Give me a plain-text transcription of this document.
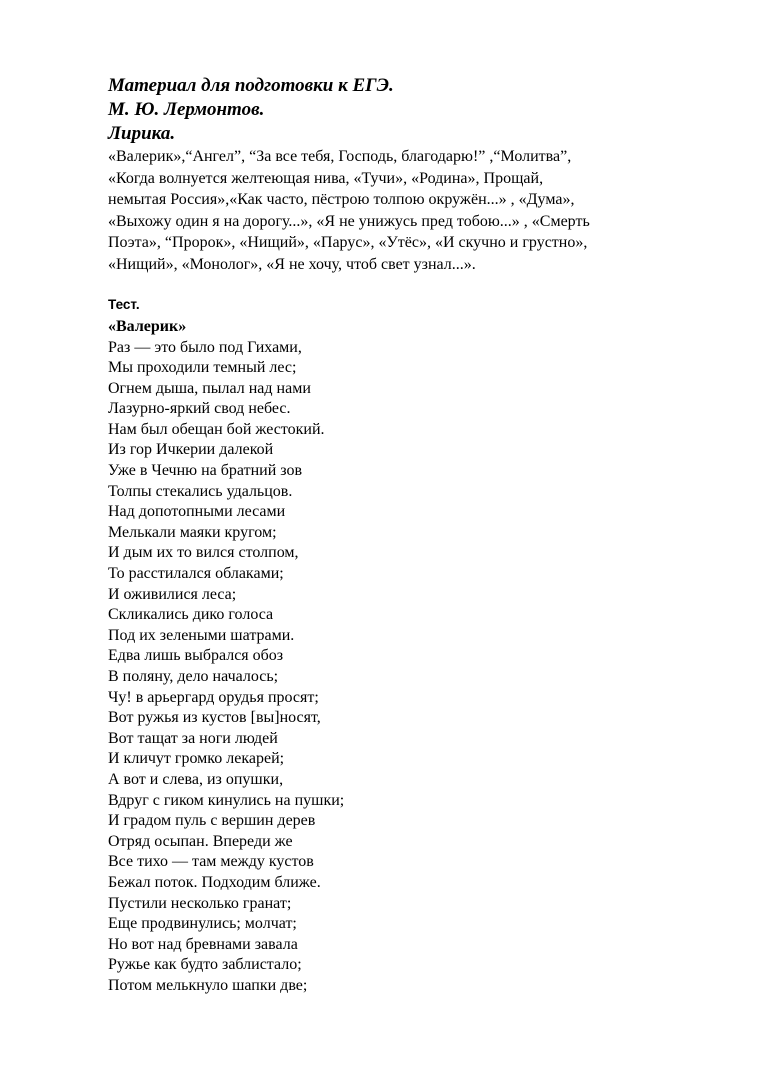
Материал для подготовки к ЕГЭ.

М. Ю. Лермонтов.

Лирика.

«Валерик»,“Ангел”, “За все тебя, Господь, благодарю!” ,“Молитва”,
«Когда волнуется желтеющая нива, «Тучи», «Родина», Прощай,
немытая Россия»,«Как часто, пёстрою толпою окружён...» , «Дума»,
«Выхожу один я на дорогу...», «Я не унижусь пред тобою...» , «Смерть
Поэта», “Пророк», «Нищий», «Парус», «Утёс», «И скучно и грустно»,
«Нищий», «Монолог», «Я не хочу, чтоб свет узнал...».
Тест.
«Валерик»
Раз — это было под Гихами,
Мы проходили темный лес;
Огнем дыша, пылал над нами
Лазурно-яркий свод небес.
Нам был обещан бой жестокий.
Из гор Ичкерии далекой
Уже в Чечню на братний зов
Толпы стекались удальцов.
Над допотопными лесами
Мелькали маяки кругом;
И дым их то вился столпом,
То расстилался облаками;
И оживилися леса;
Скликались дико голоса
Под их зелеными шатрами.
Едва лишь выбрался обоз
В поляну, дело началось;
Чу! в арьергард орудья просят;
Вот ружья из кустов [вы]носят,
Вот тащат за ноги людей
И кличут громко лекарей;
А вот и слева, из опушки,
Вдруг с гиком кинулись на пушки;
И градом пуль с вершин дерев
Отряд осыпан. Впереди же
Все тихо — там между кустов
Бежал поток. Подходим ближе.
Пустили несколько гранат;
Еще продвинулись; молчат;
Но вот над бревнами завала
Ружье как будто заблистало;
Потом мелькнуло шапки две;
